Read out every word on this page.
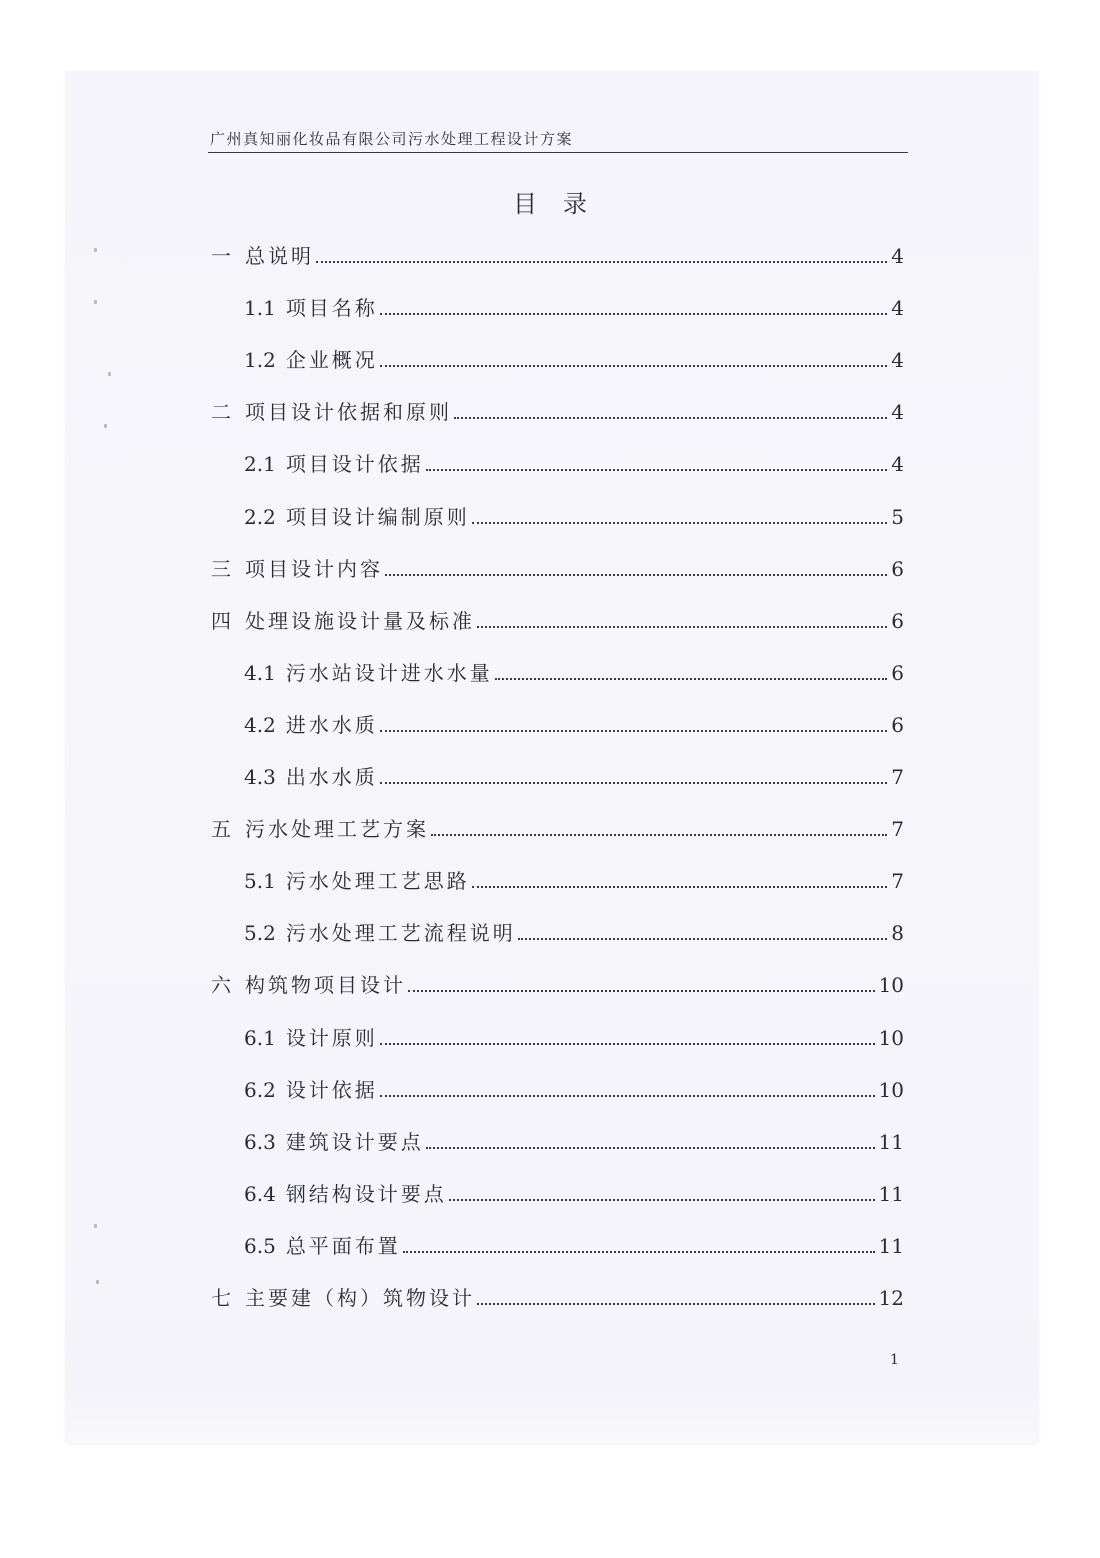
广州真知丽化妆品有限公司污水处理工程设计方案
目录
一 总说明	4
1.1 项目名称	4
1.2 企业概况	4
二 项目设计依据和原则	4
2.1 项目设计依据	4
2.2 项目设计编制原则	5
三 项目设计内容	6
四 处理设施设计量及标准	6
4.1 污水站设计进水水量	6
4.2 进水水质	6
4.3 出水水质	7
五 污水处理工艺方案	7
5.1 污水处理工艺思路	7
5.2 污水处理工艺流程说明	8
六 构筑物项目设计	10
6.1 设计原则	10
6.2 设计依据	10
6.3 建筑设计要点	11
6.4 钢结构设计要点	11
6.5 总平面布置	11
七 主要建（构）筑物设计	12
1
